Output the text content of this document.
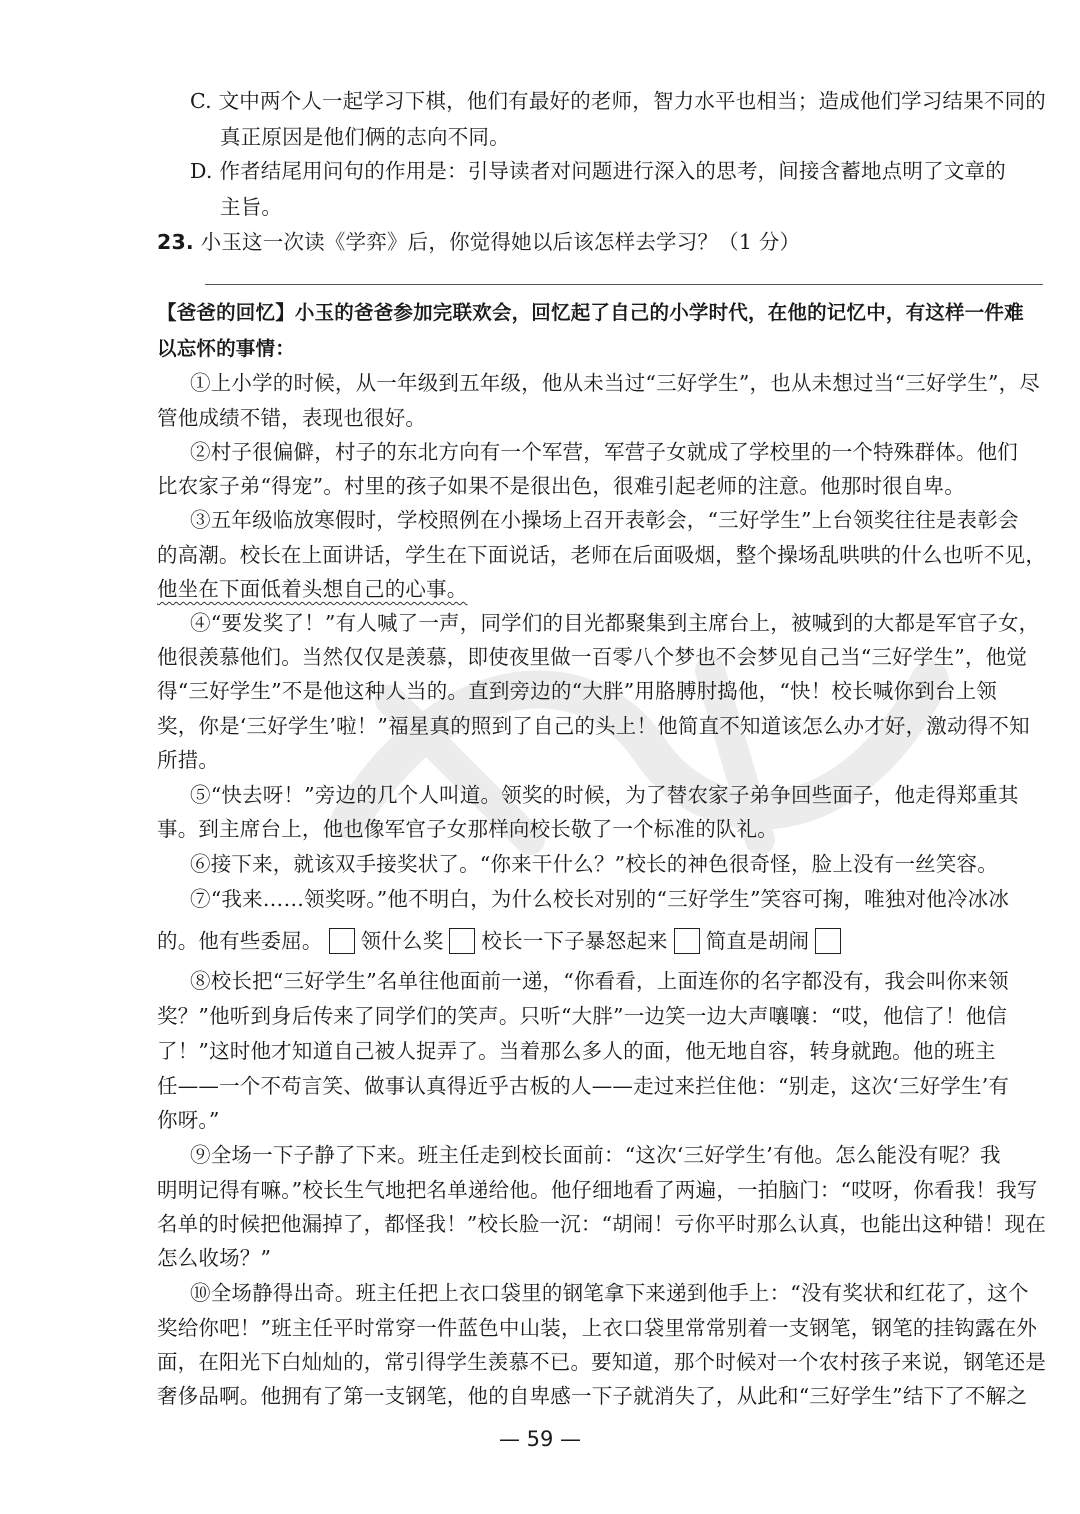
C. 文中两个人一起学习下棋，他们有最好的老师，智力水平也相当；造成他们学习结果不同的
真正原因是他们俩的志向不同。
D. 作者结尾用问句的作用是：引导读者对问题进行深入的思考，间接含蓄地点明了文章的
主旨。
23. 小玉这一次读《学弈》后，你觉得她以后该怎样去学习？（1 分）
【爸爸的回忆】小玉的爸爸参加完联欢会，回忆起了自己的小学时代，在他的记忆中，有这样一件难
以忘怀的事情：
①上小学的时候，从一年级到五年级，他从未当过“三好学生”，也从未想过当“三好学生”，尽
管他成绩不错，表现也很好。
②村子很偏僻，村子的东北方向有一个军营，军营子女就成了学校里的一个特殊群体。他们
比农家子弟“得宠”。村里的孩子如果不是很出色，很难引起老师的注意。他那时很自卑。
③五年级临放寒假时，学校照例在小操场上召开表彰会，“三好学生”上台领奖往往是表彰会
的高潮。校长在上面讲话，学生在下面说话，老师在后面吸烟，整个操场乱哄哄的什么也听不见，
他坐在下面低着头想自己的心事。
④“要发奖了！”有人喊了一声，同学们的目光都聚集到主席台上，被喊到的大都是军官子女，
他很羡慕他们。当然仅仅是羡慕，即使夜里做一百零八个梦也不会梦见自己当“三好学生”，他觉
得“三好学生”不是他这种人当的。直到旁边的“大胖”用胳膊肘捣他，“快！校长喊你到台上领
奖，你是‘三好学生’啦！”福星真的照到了自己的头上！他简直不知道该怎么办才好，激动得不知
所措。
⑤“快去呀！”旁边的几个人叫道。领奖的时候，为了替农家子弟争回些面子，他走得郑重其
事。到主席台上，他也像军官子女那样向校长敬了一个标准的队礼。
⑥接下来，就该双手接奖状了。“你来干什么？”校长的神色很奇怪，脸上没有一丝笑容。
⑦“我来……领奖呀。”他不明白，为什么校长对别的“三好学生”笑容可掬，唯独对他冷冰冰
的。他有些委屈。 领什么奖 校长一下子暴怒起来 简直是胡闹
⑧校长把“三好学生”名单往他面前一递，“你看看，上面连你的名字都没有，我会叫你来领
奖？”他听到身后传来了同学们的笑声。只听“大胖”一边笑一边大声嚷嚷：“哎，他信了！他信
了！”这时他才知道自己被人捉弄了。当着那么多人的面，他无地自容，转身就跑。他的班主
任——一个不苟言笑、做事认真得近乎古板的人——走过来拦住他：“别走，这次‘三好学生’有
你呀。”
⑨全场一下子静了下来。班主任走到校长面前：“这次‘三好学生’有他。怎么能没有呢？我
明明记得有嘛。”校长生气地把名单递给他。他仔细地看了两遍，一拍脑门：“哎呀，你看我！我写
名单的时候把他漏掉了，都怪我！”校长脸一沉：“胡闹！亏你平时那么认真，也能出这种错！现在
怎么收场？”
⑩全场静得出奇。班主任把上衣口袋里的钢笔拿下来递到他手上：“没有奖状和红花了，这个
奖给你吧！”班主任平时常穿一件蓝色中山装，上衣口袋里常常别着一支钢笔，钢笔的挂钩露在外
面，在阳光下白灿灿的，常引得学生羡慕不已。要知道，那个时候对一个农村孩子来说，钢笔还是
奢侈品啊。他拥有了第一支钢笔，他的自卑感一下子就消失了，从此和“三好学生”结下了不解之
— 59 —
